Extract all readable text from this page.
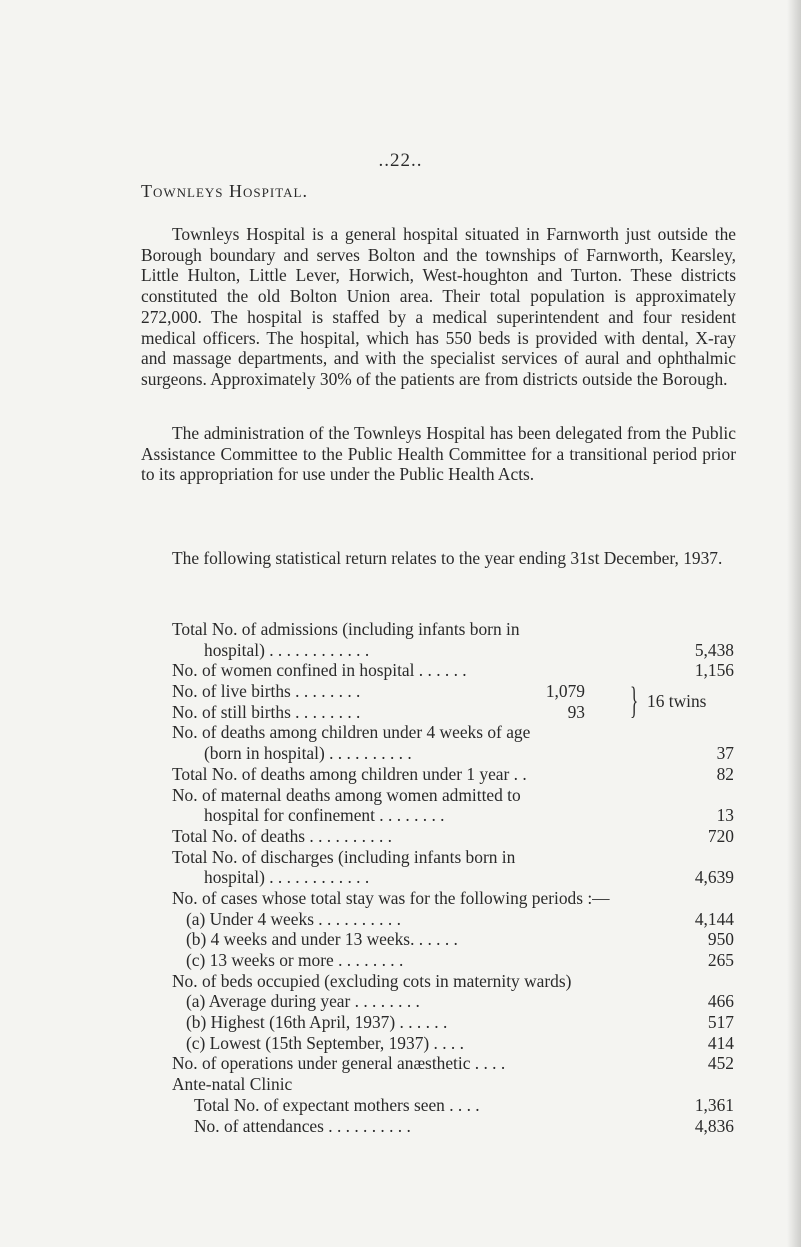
..22..
Townleys Hospital.

Townleys Hospital is a general hospital situated in Farnworth just outside the Borough boundary and serves Bolton and the townships of Farnworth, Kearsley, Little Hulton, Little Lever, Horwich, West-houghton and Turton. These districts constituted the old Bolton Union area. Their total population is approximately 272,000. The hospital is staffed by a medical superintendent and four resident medical officers. The hospital, which has 550 beds is provided with dental, X-ray and massage departments, and with the specialist services of aural and ophthalmic surgeons. Approximately 30% of the patients are from districts outside the Borough.

The administration of the Townleys Hospital has been delegated from the Public Assistance Committee to the Public Health Committee for a transitional period prior to its appropriation for use under the Public Health Acts.

The following statistical return relates to the year ending 31st December, 1937.

Total No. of admissions (including infants born in
hospital) . . . . . . . . . . . .	5,438
No. of women confined in hospital . . . . . .	1,156
No. of live births . . . . . . . .	1,079 } 16 twins
No. of still births . . . . . . . .	93
No. of deaths among children under 4 weeks of age
(born in hospital) . . . . . . . . . .	37
Total No. of deaths among children under 1 year . .	82
No. of maternal deaths among women admitted to
hospital for confinement . . . . . . . .	13
Total No. of deaths . . . . . . . . . .	720
Total No. of discharges (including infants born in
hospital) . . . . . . . . . . . .	4,639
No. of cases whose total stay was for the following periods :—
(a) Under 4 weeks . . . . . . . . . .	4,144
(b) 4 weeks and under 13 weeks. . . . . .	950
(c) 13 weeks or more . . . . . . . .	265
No. of beds occupied (excluding cots in maternity wards)
(a) Average during year . . . . . . . .	466
(b) Highest (16th April, 1937) . . . . . .	517
(c) Lowest (15th September, 1937) . . . .	414
No. of operations under general anæsthetic . . . .	452
Ante-natal Clinic
Total No. of expectant mothers seen . . . .	1,361
No. of attendances . . . . . . . . . .	4,836
